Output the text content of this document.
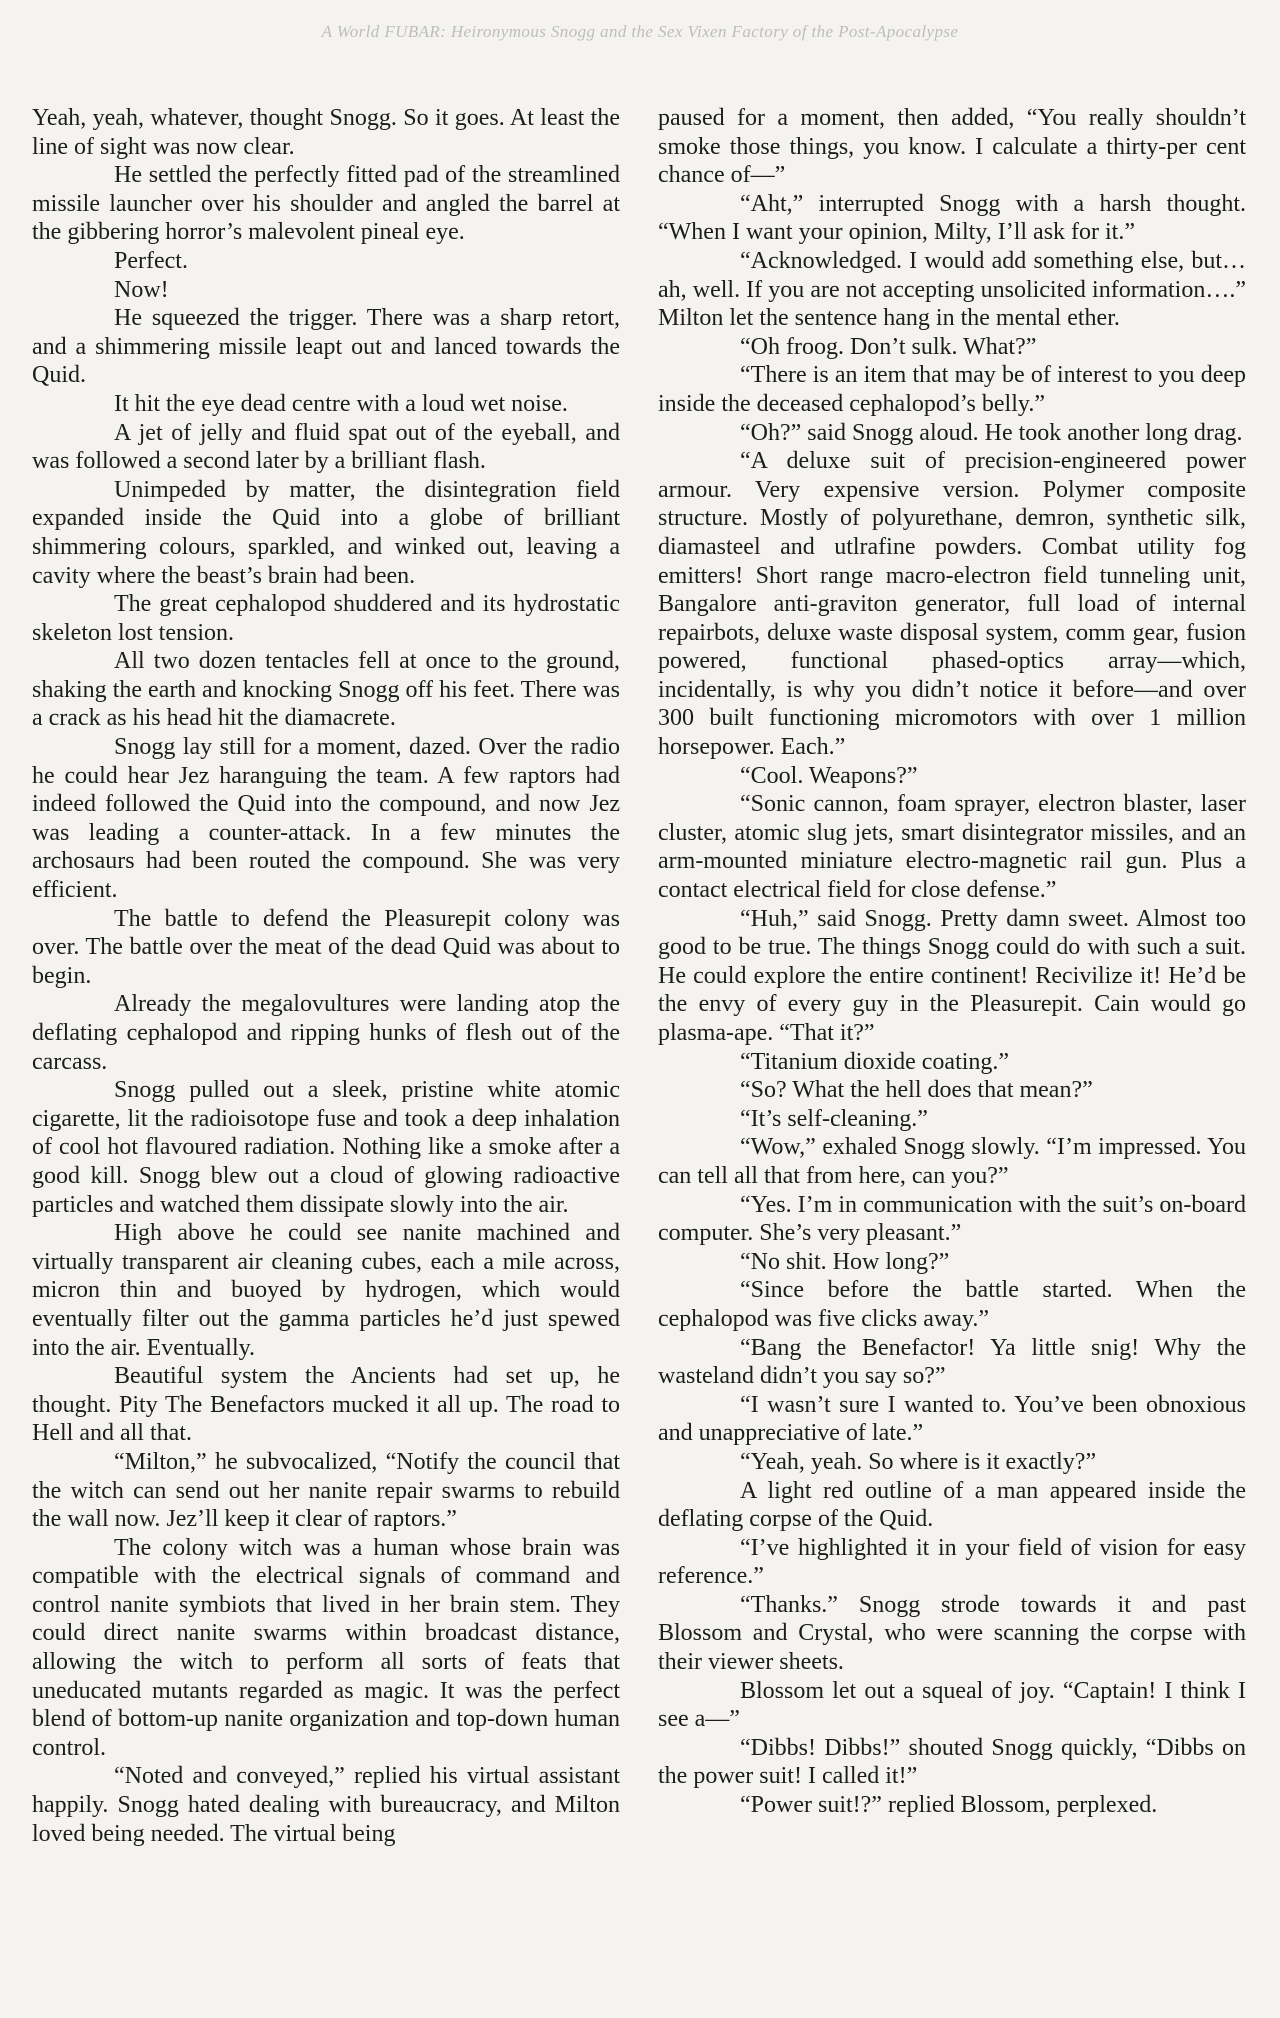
A World FUBAR: Heironymous Snogg and the Sex Vixen Factory of the Post-Apocalypse

Yeah, yeah, whatever, thought Snogg. So it goes. At least the line of sight was now clear.

He settled the perfectly fitted pad of the streamlined missile launcher over his shoulder and angled the barrel at the gibbering horror’s malevolent pineal eye.

Perfect.

Now!

He squeezed the trigger. There was a sharp retort, and a shimmering missile leapt out and lanced towards the Quid.

It hit the eye dead centre with a loud wet noise.

A jet of jelly and fluid spat out of the eyeball, and was followed a second later by a brilliant flash.

Unimpeded by matter, the disintegration field expanded inside the Quid into a globe of brilliant shimmering colours, sparkled, and winked out, leaving a cavity where the beast’s brain had been.

The great cephalopod shuddered and its hydrostatic skeleton lost tension.

All two dozen tentacles fell at once to the ground, shaking the earth and knocking Snogg off his feet. There was a crack as his head hit the diamacrete.

Snogg lay still for a moment, dazed. Over the radio he could hear Jez haranguing the team. A few raptors had indeed followed the Quid into the compound, and now Jez was leading a counter-attack. In a few minutes the archosaurs had been routed the compound. She was very efficient.

The battle to defend the Pleasurepit colony was over. The battle over the meat of the dead Quid was about to begin.

Already the megalovultures were landing atop the deflating cephalopod and ripping hunks of flesh out of the carcass.

Snogg pulled out a sleek, pristine white atomic cigarette, lit the radioisotope fuse and took a deep inhalation of cool hot flavoured radiation. Nothing like a smoke after a good kill. Snogg blew out a cloud of glowing radioactive particles and watched them dissipate slowly into the air.

High above he could see nanite machined and virtually transparent air cleaning cubes, each a mile across, micron thin and buoyed by hydrogen, which would eventually filter out the gamma particles he’d just spewed into the air. Eventually.

Beautiful system the Ancients had set up, he thought. Pity The Benefactors mucked it all up. The road to Hell and all that.

“Milton,” he subvocalized, “Notify the council that the witch can send out her nanite repair swarms to rebuild the wall now. Jez’ll keep it clear of raptors.”

The colony witch was a human whose brain was compatible with the electrical signals of command and control nanite symbiots that lived in her brain stem. They could direct nanite swarms within broadcast distance, allowing the witch to perform all sorts of feats that uneducated mutants regarded as magic. It was the perfect blend of bottom-up nanite organization and top-down human control.

“Noted and conveyed,” replied his virtual assistant happily. Snogg hated dealing with bureaucracy, and Milton loved being needed. The virtual being

paused for a moment, then added, “You really shouldn’t smoke those things, you know. I calculate a thirty-per cent chance of—”

“Aht,” interrupted Snogg with a harsh thought. “When I want your opinion, Milty, I’ll ask for it.”

“Acknowledged. I would add something else, but… ah, well. If you are not accepting unsolicited information….” Milton let the sentence hang in the mental ether.

“Oh froog. Don’t sulk. What?”

“There is an item that may be of interest to you deep inside the deceased cephalopod’s belly.”

“Oh?” said Snogg aloud. He took another long drag.

“A deluxe suit of precision-engineered power armour. Very expensive version. Polymer composite structure. Mostly of polyurethane, demron, synthetic silk, diamasteel and utlrafine powders. Combat utility fog emitters! Short range macro-electron field tunneling unit, Bangalore anti-graviton generator, full load of internal repairbots, deluxe waste disposal system, comm gear, fusion powered, functional phased-optics array—which, incidentally, is why you didn’t notice it before—and over 300 built functioning micromotors with over 1 million horsepower. Each.”

“Cool. Weapons?”

“Sonic cannon, foam sprayer, electron blaster, laser cluster, atomic slug jets, smart disintegrator missiles, and an arm-mounted miniature electro-magnetic rail gun. Plus a contact electrical field for close defense.”

“Huh,” said Snogg. Pretty damn sweet. Almost too good to be true. The things Snogg could do with such a suit. He could explore the entire continent! Recivilize it! He’d be the envy of every guy in the Pleasurepit. Cain would go plasma-ape. “That it?”

“Titanium dioxide coating.”

“So? What the hell does that mean?”

“It’s self-cleaning.”

“Wow,” exhaled Snogg slowly. “I’m impressed. You can tell all that from here, can you?”

“Yes. I’m in communication with the suit’s on-board computer. She’s very pleasant.”

“No shit. How long?”

“Since before the battle started. When the cephalopod was five clicks away.”

“Bang the Benefactor! Ya little snig! Why the wasteland didn’t you say so?”

“I wasn’t sure I wanted to. You’ve been obnoxious and unappreciative of late.”

“Yeah, yeah. So where is it exactly?”

A light red outline of a man appeared inside the deflating corpse of the Quid.

“I’ve highlighted it in your field of vision for easy reference.”

“Thanks.” Snogg strode towards it and past Blossom and Crystal, who were scanning the corpse with their viewer sheets.

Blossom let out a squeal of joy. “Captain! I think I see a—”

“Dibbs! Dibbs!” shouted Snogg quickly, “Dibbs on the power suit! I called it!”

“Power suit!?” replied Blossom, perplexed.
